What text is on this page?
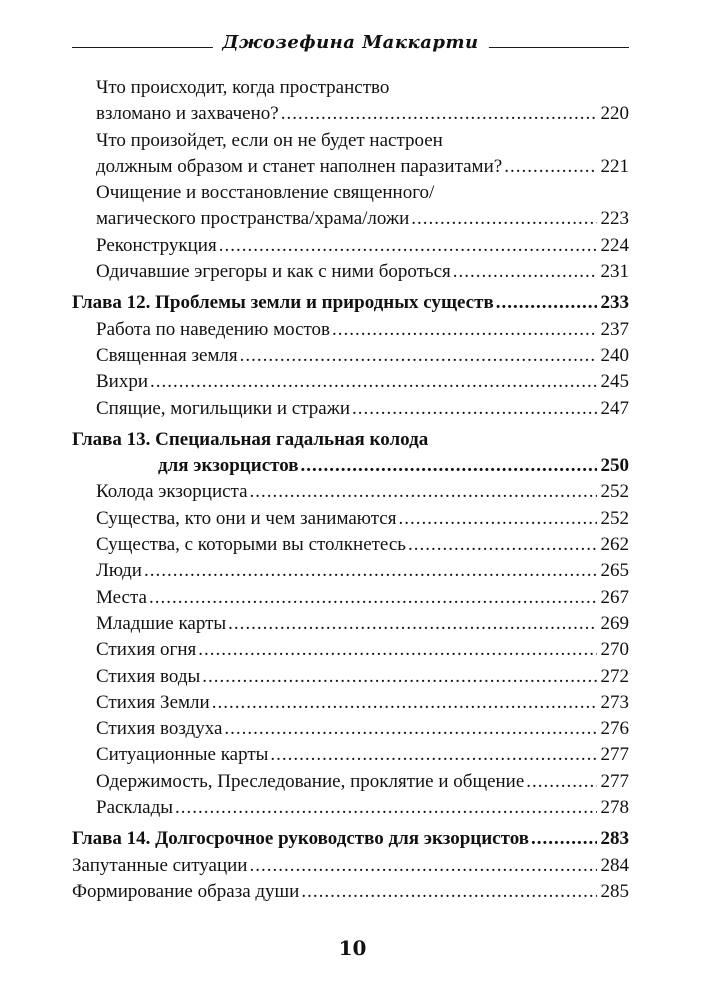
Джозефина Маккарти
Что происходит, когда пространство
взломано и захвачено? .....	220
Что произойдет, если он не будет настроен
должным образом и станет наполнен паразитами? .....	221
Очищение и восстановление священного/
магического пространства/храма/ложи .....	223
Реконструкция .....	224
Одичавшие эгрегоры и как с ними бороться .....	231
Глава 12. Проблемы земли и природных существ .....	233
Работа по наведению мостов .....	237
Священная земля .....	240
Вихри .....	245
Спящие, могильщики и стражи .....	247
Глава 13. Специальная гадальная колода
для экзорцистов .....	250
Колода экзорциста .....	252
Существа, кто они и чем занимаются .....	252
Существа, с которыми вы столкнетесь .....	262
Люди .....	265
Места .....	267
Младшие карты .....	269
Стихия огня .....	270
Стихия воды .....	272
Стихия Земли .....	273
Стихия воздуха .....	276
Ситуационные карты .....	277
Одержимость, Преследование, проклятие и общение .....	277
Расклады .....	278
Глава 14. Долгосрочное руководство для экзорцистов .....	283
Запутанные ситуации .....	284
Формирование образа души .....	285
10
